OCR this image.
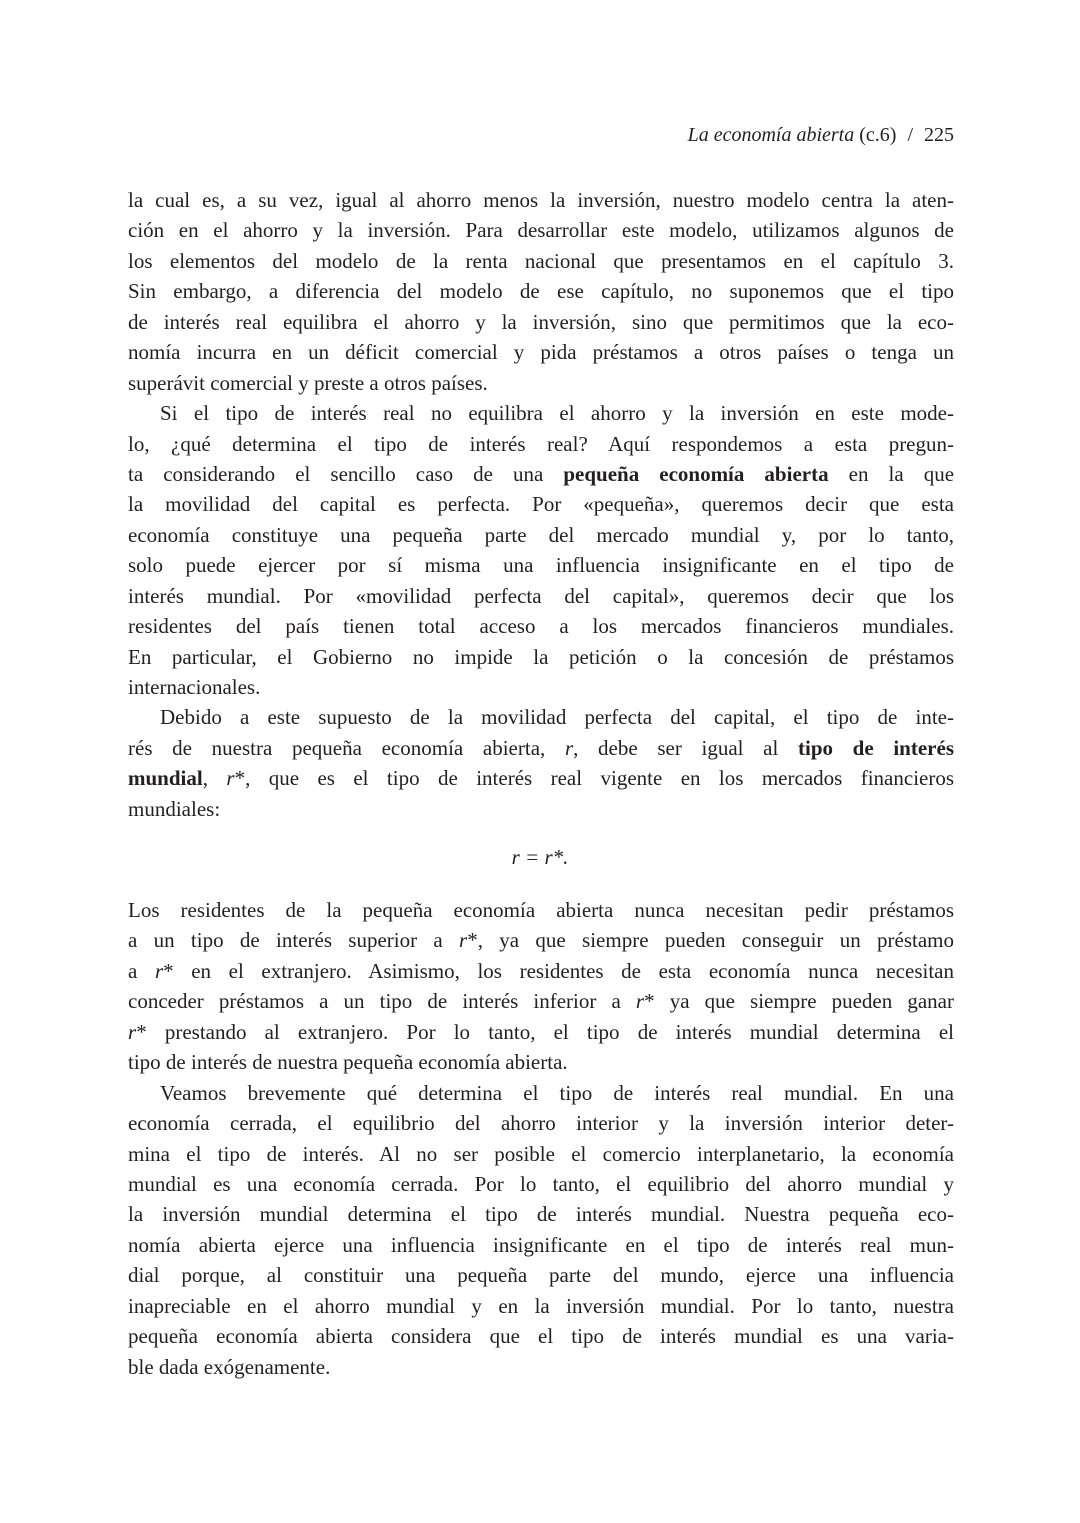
La economía abierta (c.6) / 225
la cual es, a su vez, igual al ahorro menos la inversión, nuestro modelo centra la aten-
ción en el ahorro y la inversión. Para desarrollar este modelo, utilizamos algunos de
los elementos del modelo de la renta nacional que presentamos en el capítulo 3.
Sin embargo, a diferencia del modelo de ese capítulo, no suponemos que el tipo
de interés real equilibra el ahorro y la inversión, sino que permitimos que la eco-
nomía incurra en un déficit comercial y pida préstamos a otros países o tenga un
superávit comercial y preste a otros países.
Si el tipo de interés real no equilibra el ahorro y la inversión en este mode-
lo, ¿qué determina el tipo de interés real? Aquí respondemos a esta pregun-
ta considerando el sencillo caso de una pequeña economía abierta en la que
la movilidad del capital es perfecta. Por «pequeña», queremos decir que esta
economía constituye una pequeña parte del mercado mundial y, por lo tanto,
solo puede ejercer por sí misma una influencia insignificante en el tipo de
interés mundial. Por «movilidad perfecta del capital», queremos decir que los
residentes del país tienen total acceso a los mercados financieros mundiales.
En particular, el Gobierno no impide la petición o la concesión de préstamos
internacionales.
Debido a este supuesto de la movilidad perfecta del capital, el tipo de inte-
rés de nuestra pequeña economía abierta, r, debe ser igual al tipo de interés
mundial, r*, que es el tipo de interés real vigente en los mercados financieros
mundiales:
r = r*.
Los residentes de la pequeña economía abierta nunca necesitan pedir préstamos
a un tipo de interés superior a r*, ya que siempre pueden conseguir un préstamo
a r* en el extranjero. Asimismo, los residentes de esta economía nunca necesitan
conceder préstamos a un tipo de interés inferior a r* ya que siempre pueden ganar
r* prestando al extranjero. Por lo tanto, el tipo de interés mundial determina el
tipo de interés de nuestra pequeña economía abierta.
Veamos brevemente qué determina el tipo de interés real mundial. En una
economía cerrada, el equilibrio del ahorro interior y la inversión interior deter-
mina el tipo de interés. Al no ser posible el comercio interplanetario, la economía
mundial es una economía cerrada. Por lo tanto, el equilibrio del ahorro mundial y
la inversión mundial determina el tipo de interés mundial. Nuestra pequeña eco-
nomía abierta ejerce una influencia insignificante en el tipo de interés real mun-
dial porque, al constituir una pequeña parte del mundo, ejerce una influencia
inapreciable en el ahorro mundial y en la inversión mundial. Por lo tanto, nuestra
pequeña economía abierta considera que el tipo de interés mundial es una varia-
ble dada exógenamente.
